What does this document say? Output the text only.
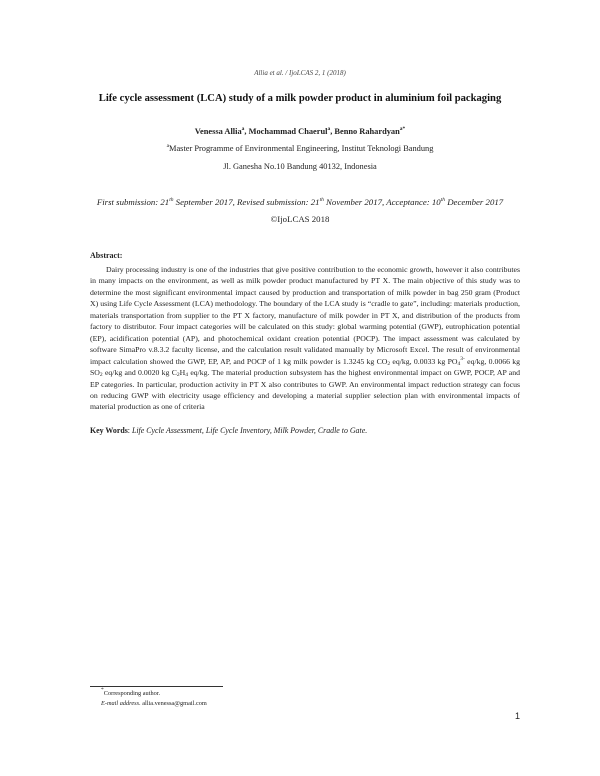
Allia et al. / IjoLCAS 2, 1 (2018)
Life cycle assessment (LCA) study of a milk powder product in aluminium foil packaging
Venessa Allia$^a$, Mochammad Chaerul$^a$, Benno Rahardyan$^{a*}$
$^a$Master Programme of Environmental Engineering, Institut Teknologi Bandung
Jl. Ganesha No.10 Bandung 40132, Indonesia
First submission: 21th September 2017, Revised submission: 21th November 2017, Acceptance: 10th December 2017
©IjoLCAS 2018
Abstract:

Dairy processing industry is one of the industries that give positive contribution to the economic growth, however it also contributes in many impacts on the environment, as well as milk powder product manufactured by PT X. The main objective of this study was to determine the most significant environmental impact caused by production and transportation of milk powder in bag 250 gram (Product X) using Life Cycle Assessment (LCA) methodology. The boundary of the LCA study is “cradle to gate”, including: materials production, materials transportation from supplier to the PT X factory, manufacture of milk powder in PT X, and distribution of the products from factory to distributor. Four impact categories will be calculated on this study: global warming potential (GWP), eutrophication potential (EP), acidification potential (AP), and photochemical oxidant creation potential (POCP). The impact assessment was calculated by software SimaPro v.8.3.2 faculty license, and the calculation result validated manually by Microsoft Excel. The result of environmental impact calculation showed the GWP, EP, AP, and POCP of 1 kg milk powder is 1.3245 kg $CO_2$ eq/kg, 0.0033 kg $PO_4^{3-}$ eq/kg, 0.0066 kg $SO_2$ eq/kg and 0.0020 kg $C_2H_4$ eq/kg. The material production subsystem has the highest environmental impact on GWP, POCP, AP and EP categories. In particular, production activity in PT X also contributes to GWP. An environmental impact reduction strategy can focus on reducing GWP with electricity usage efficiency and developing a material supplier selection plan with environmental impacts of material production as one of criteria

Key Words: Life Cycle Assessment, Life Cycle Inventory, Milk Powder, Cradle to Gate.
*Corresponding author.
E-mail address. allia.venessa@gmail.com
1
